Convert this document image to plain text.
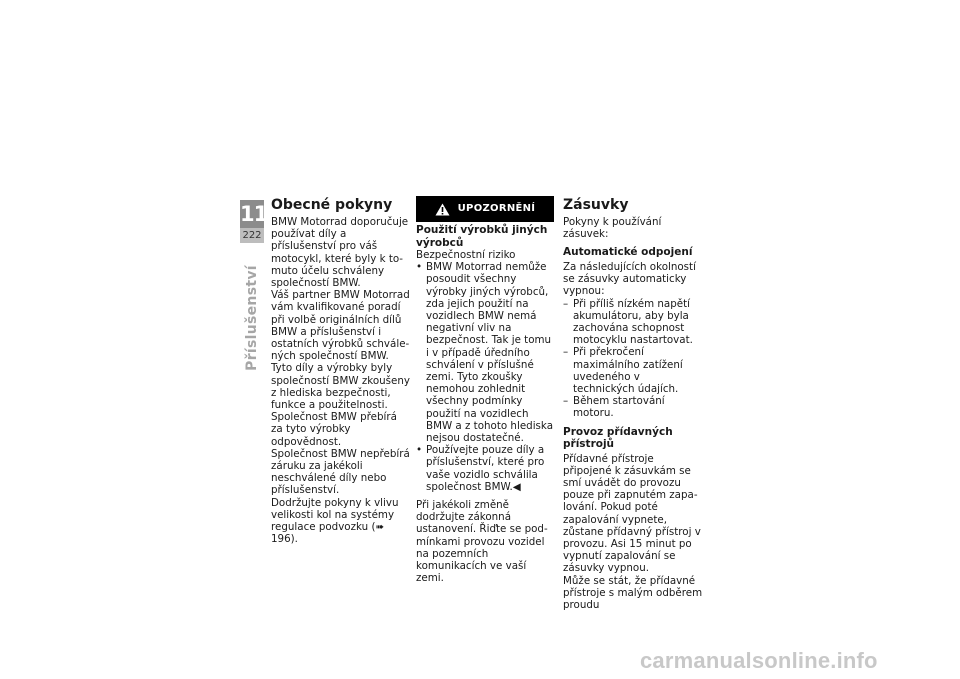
11
222
Příslušenství
Obecné pokyny

BMW Motorrad doporučuje používat díly a příslušenství pro váš motocykl, které byly k tomuto účelu schváleny společností BMW.

Váš partner BMW Motorrad vám kvalifikované poradí při volbě originálních dílů BMW a příslušenství i ostatních výrobků schválených společností BMW.

Tyto díly a výrobky byly společností BMW zkoušeny z hlediska bezpečnosti, funkce a použitelnosti. Společnost BMW přebírá za tyto výrobky odpovědnost.

Společnost BMW nepřebírá záruku za jakékoli neschválené díly nebo příslušenství.

Dodržujte pokyny k vlivu velikosti kol na systémy regulace podvozku (➠ 196).

UPOZORNĚNÍ

Použití výrobků jiných výrobců

Bezpečnostní riziko

• BMW Motorrad nemůže posoudit všechny výrobky jiných výrobců, zda jejich použití na vozidlech BMW nemá negativní vliv na bezpečnost. Tak je tomu i v případě úředního schválení v příslušné zemi. Tyto zkoušky nemohou zohlednit všechny podmínky použití na vozidlech BMW a z tohoto hlediska nejsou dostatečné.
• Používejte pouze díly a příslušenství, které pro vaše vozidlo schválila společnost BMW.◀

Při jakékoli změně dodržujte zákonná ustanovení. Řiďte se podmínkami provozu vozidel na pozemních komunikacích ve vaší zemi.

Zásuvky

Pokyny k používání zásuvek:

Automatické odpojení

Za následujících okolností se zásuvky automaticky vypnou:

– Při příliš nízkém napětí akumulátoru, aby byla zachována schopnost motocyklu nastartovat.
– Při překročení maximálního zatížení uvedeného v technických údajích.
– Během startování motoru.
Provoz přídavných přístrojů

Přídavné přístroje připojené k zásuvkám se smí uvádět do provozu pouze při zapnutém zapalování. Pokud poté zapalování vypnete, zůstane přídavný přístroj v provozu. Asi 15 minut po vypnutí zapalování se zásuvky vypnou.

Může se stát, že přídavné přístroje s malým odběrem proudu

carmanualsonline.info
